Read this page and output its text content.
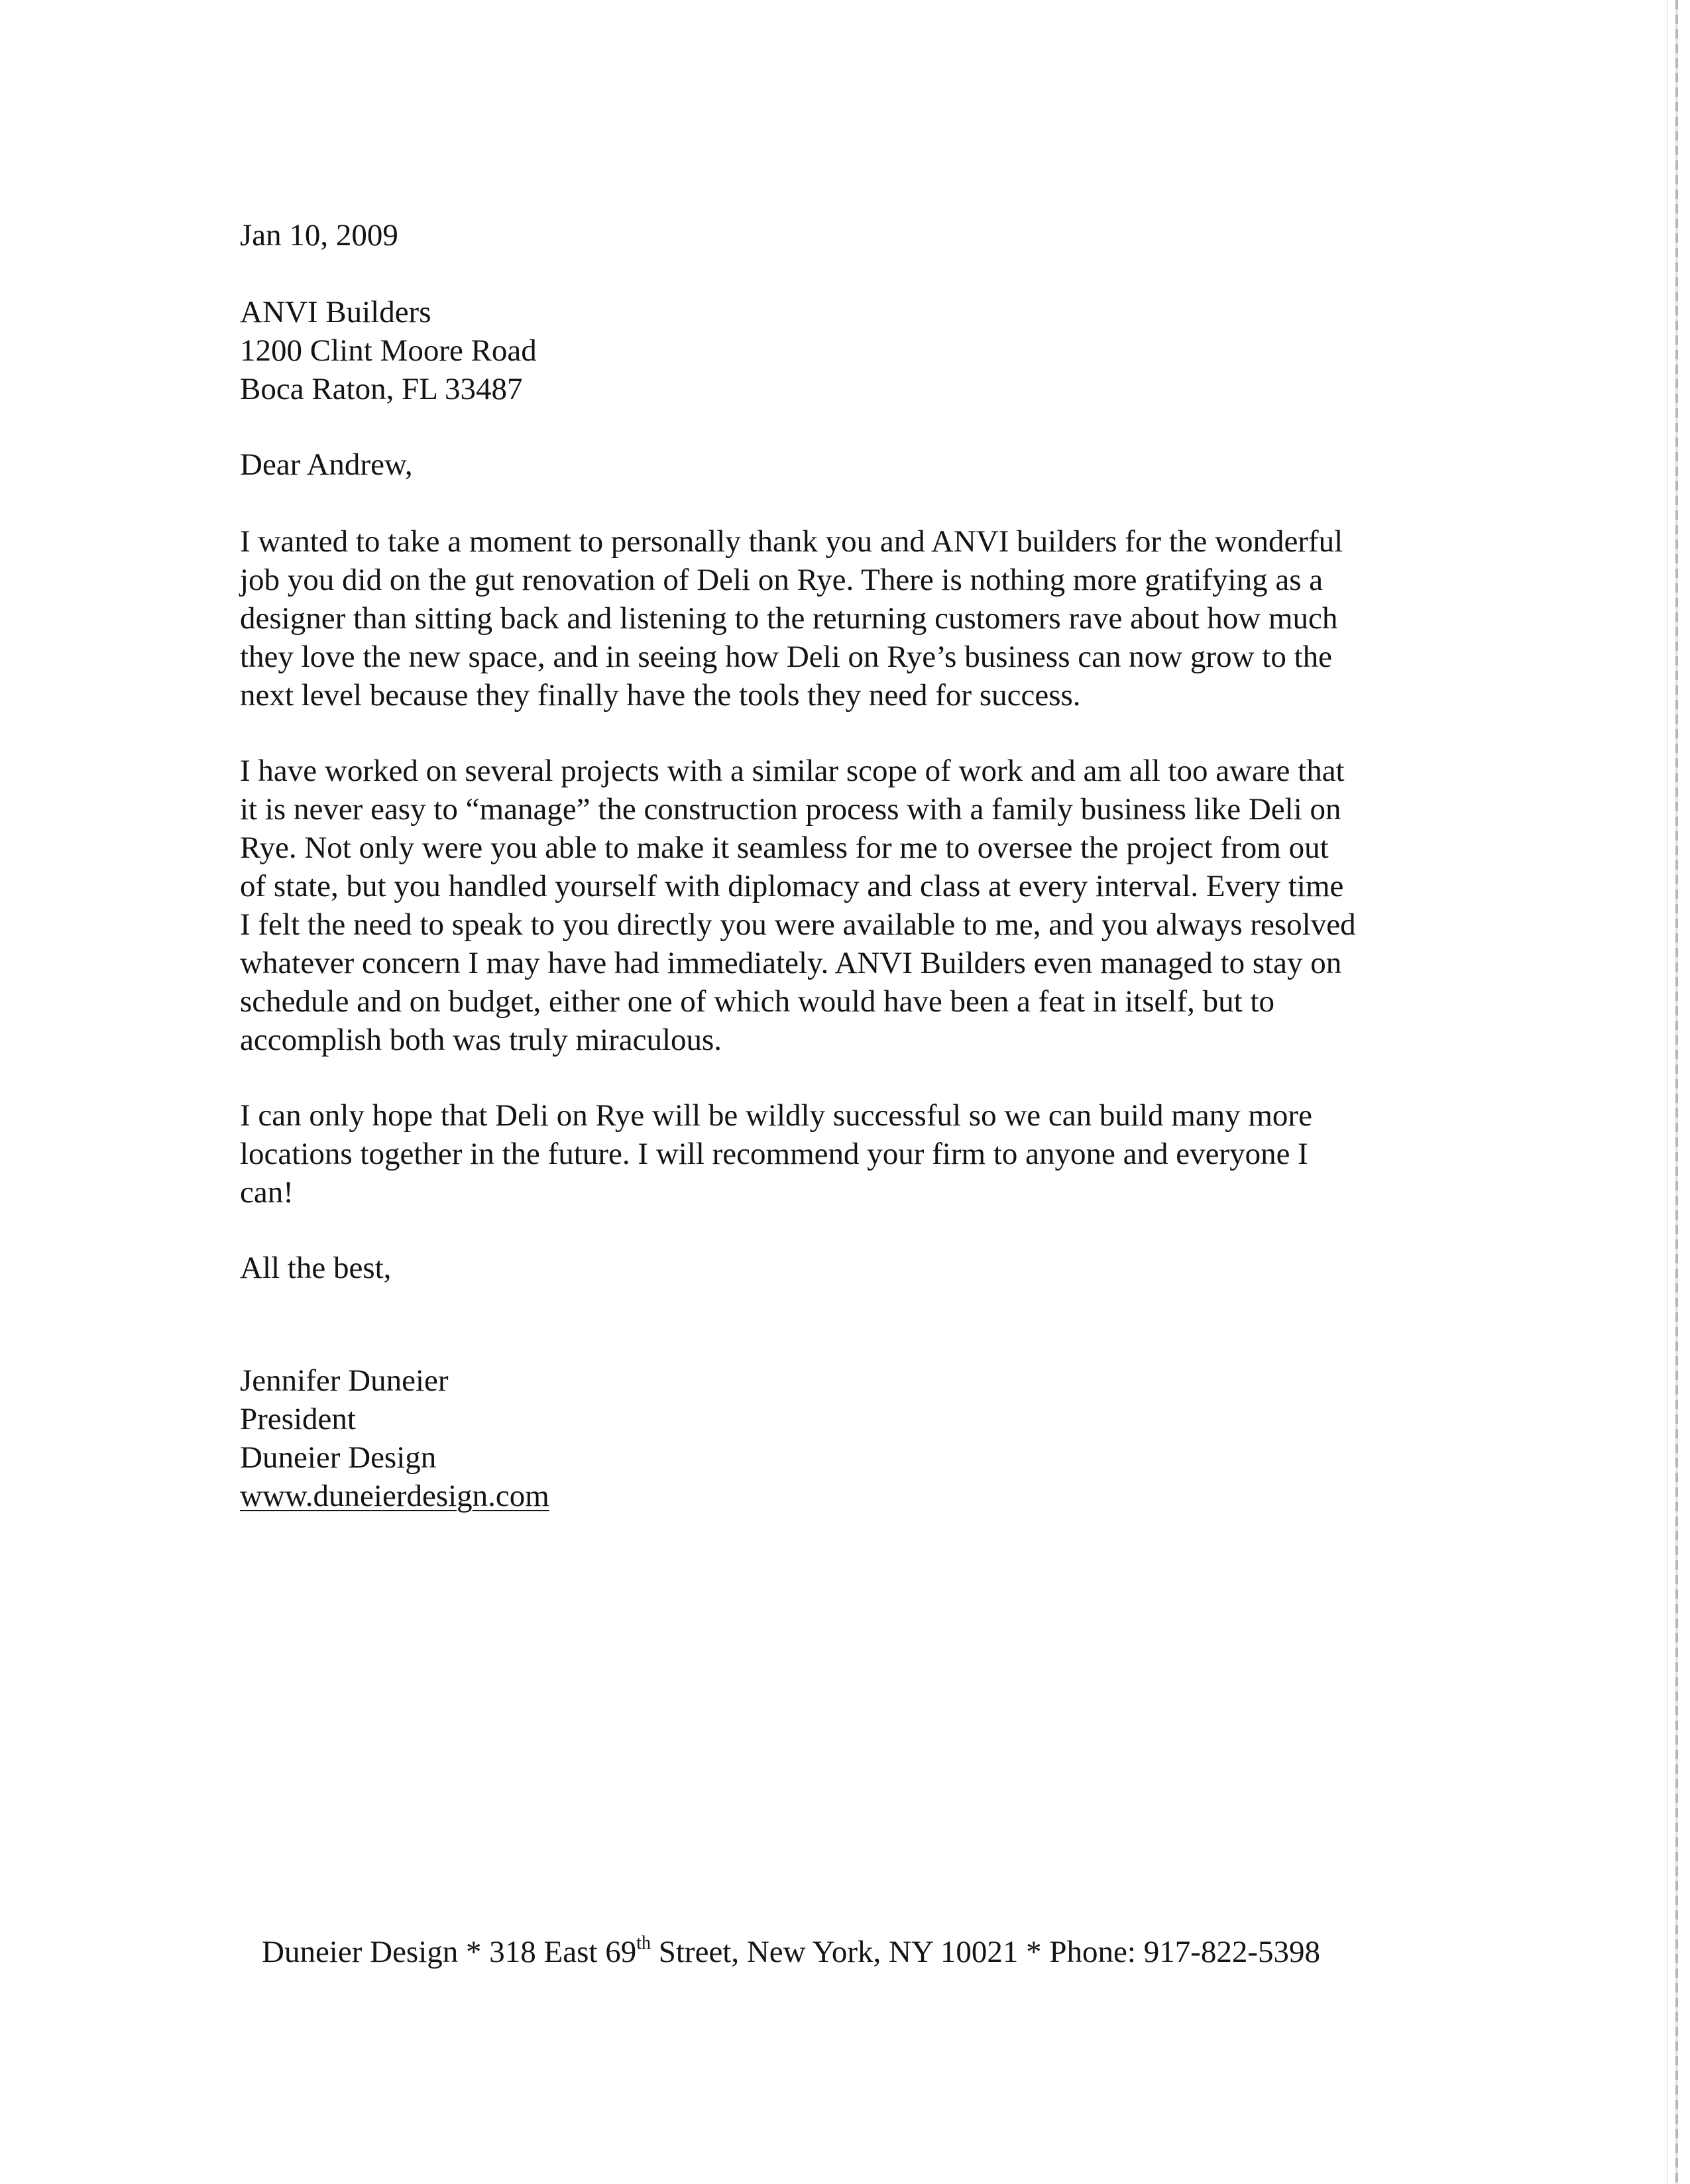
Jan 10, 2009

ANVI Builders
1200 Clint Moore Road
Boca Raton, FL 33487

Dear Andrew,

I wanted to take a moment to personally thank you and ANVI builders for the wonderful
job you did on the gut renovation of Deli on Rye. There is nothing more gratifying as a
designer than sitting back and listening to the returning customers rave about how much
they love the new space, and in seeing how Deli on Rye’s business can now grow to the
next level because they finally have the tools they need for success.

I have worked on several projects with a similar scope of work and am all too aware that
it is never easy to “manage” the construction process with a family business like Deli on
Rye. Not only were you able to make it seamless for me to oversee the project from out
of state, but you handled yourself with diplomacy and class at every interval. Every time
I felt the need to speak to you directly you were available to me, and you always resolved
whatever concern I may have had immediately. ANVI Builders even managed to stay on
schedule and on budget, either one of which would have been a feat in itself, but to
accomplish both was truly miraculous.

I can only hope that Deli on Rye will be wildly successful so we can build many more
locations together in the future. I will recommend your firm to anyone and everyone I
can!

All the best,

Jennifer Duneier
President
Duneier Design
www.duneierdesign.com

Duneier Design * 318 East 69th Street, New York, NY 10021 * Phone: 917-822-5398
